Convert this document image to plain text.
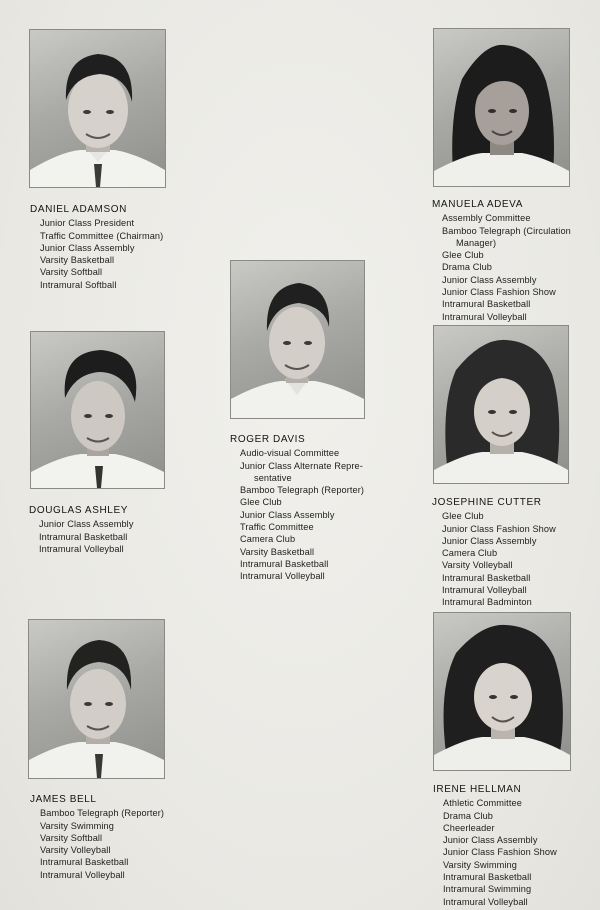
DANIEL ADAMSON
Junior Class President
Traffic Committee (Chairman)
Junior Class Assembly
Varsity Basketball
Varsity Softball
Intramural Softball
MANUELA ADEVA
Assembly Committee
Bamboo Telegraph (Circulation
Manager)
Glee Club
Drama Club
Junior Class Assembly
Junior Class Fashion Show
Intramural Basketball
Intramural Volleyball
ROGER DAVIS
Audio-visual Committee
Junior Class Alternate Repre-
sentative
Bamboo Telegraph (Reporter)
Glee Club
Junior Class Assembly
Traffic Committee
Camera Club
Varsity Basketball
Intramural Basketball
Intramural Volleyball
DOUGLAS ASHLEY
Junior Class Assembly
Intramural Basketball
Intramural Volleyball
JOSEPHINE CUTTER
Glee Club
Junior Class Fashion Show
Junior Class Assembly
Camera Club
Varsity Volleyball
Intramural Basketball
Intramural Volleyball
Intramural Badminton
JAMES BELL
Bamboo Telegraph (Reporter)
Varsity Swimming
Varsity Softball
Varsity Volleyball
Intramural Basketball
Intramural Volleyball
IRENE HELLMAN
Athletic Committee
Drama Club
Cheerleader
Junior Class Assembly
Junior Class Fashion Show
Varsity Swimming
Intramural Basketball
Intramural Swimming
Intramural Volleyball
